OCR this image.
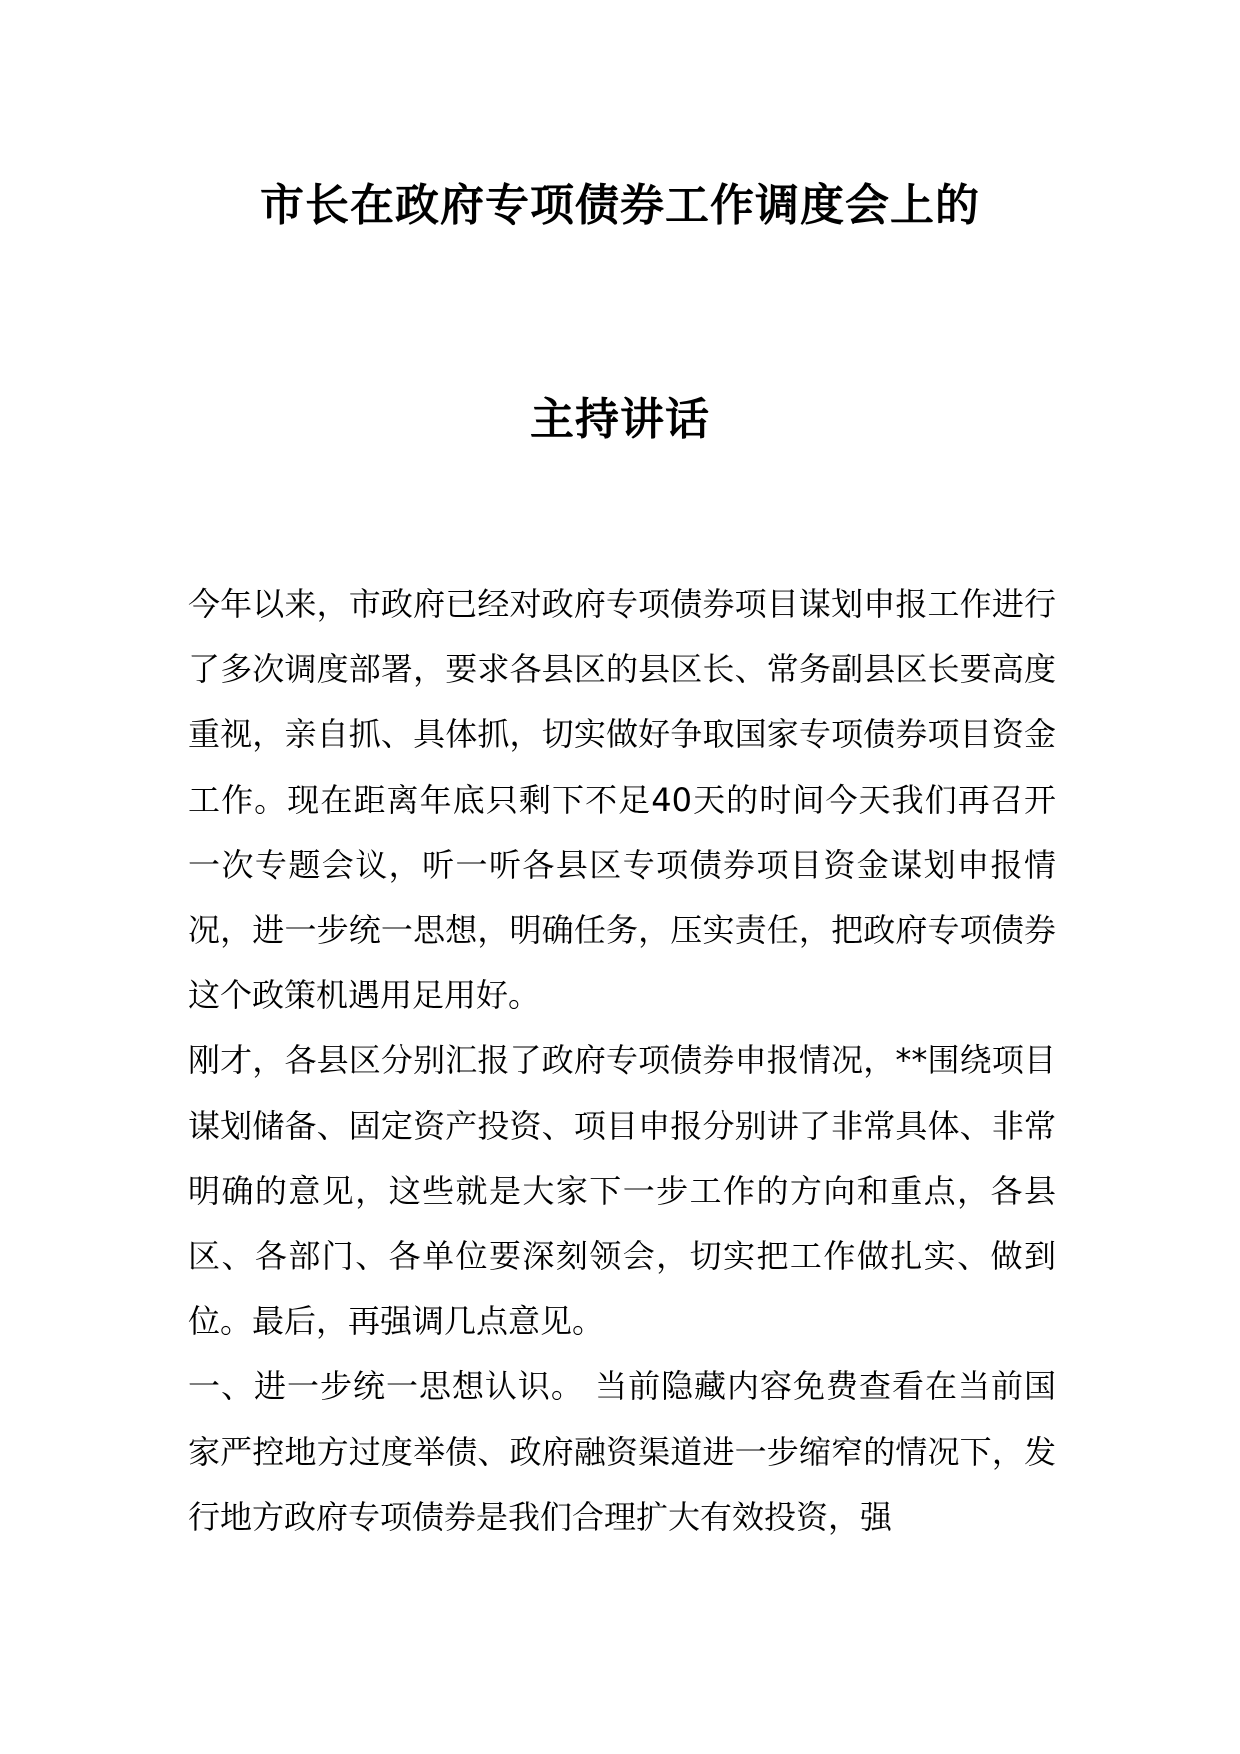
市长在政府专项债券工作调度会上的
主持讲话

今年以来，市政府已经对政府专项债券项目谋划申报工作进行了多次调度部署，要求各县区的县区长、常务副县区长要高度重视，亲自抓、具体抓，切实做好争取国家专项债券项目资金工作。现在距离年底只剩下不足40天的时间今天我们再召开一次专题会议，听一听各县区专项债券项目资金谋划申报情况，进一步统一思想，明确任务，压实责任，把政府专项债券这个政策机遇用足用好。

刚才，各县区分别汇报了政府专项债券申报情况，**围绕项目谋划储备、固定资产投资、项目申报分别讲了非常具体、非常明确的意见，这些就是大家下一步工作的方向和重点，各县区、各部门、各单位要深刻领会，切实把工作做扎实、做到位。最后，再强调几点意见。

一、进一步统一思想认识。 当前隐藏内容免费查看在当前国家严控地方过度举债、政府融资渠道进一步缩窄的情况下，发行地方政府专项债券是我们合理扩大有效投资，强
